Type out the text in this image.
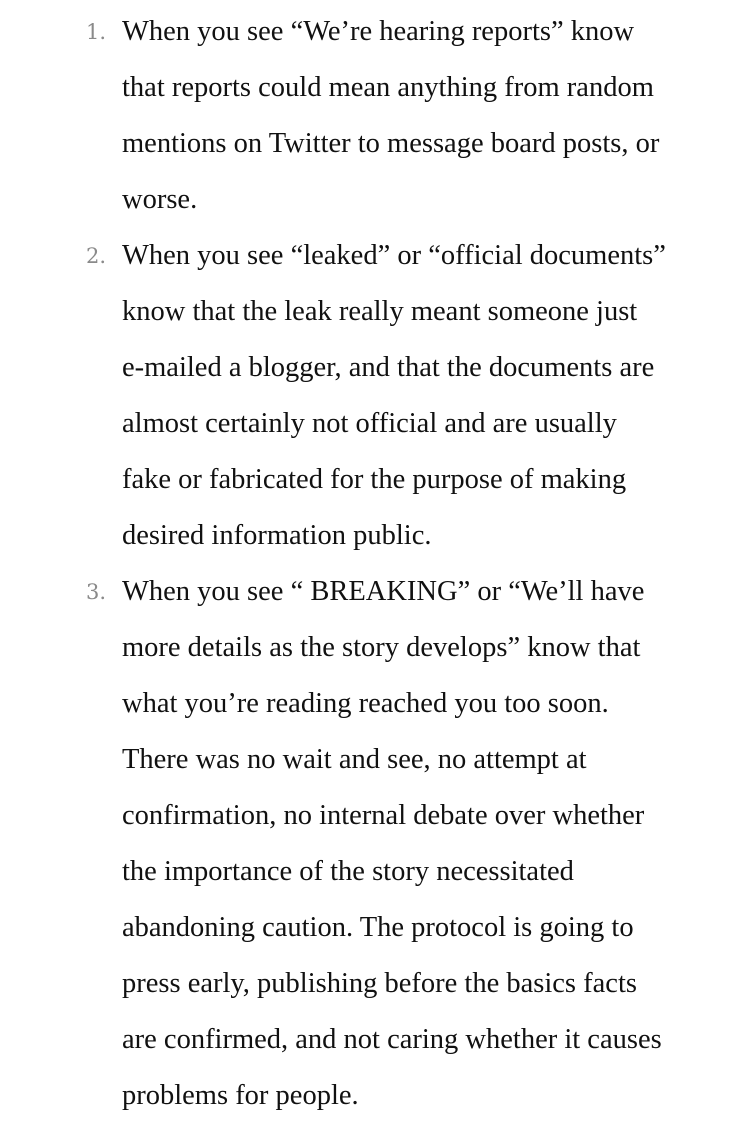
1. When you see “We’re hearing reports” know
that reports could mean anything from random
mentions on Twitter to message board posts, or
worse.
2. When you see “leaked” or “official documents”
know that the leak really meant someone just
e-mailed a blogger, and that the documents are
almost certainly not official and are usually
fake or fabricated for the purpose of making
desired information public.
3. When you see “ BREAKING” or “We’ll have
more details as the story develops” know that
what you’re reading reached you too soon.
There was no wait and see, no attempt at
confirmation, no internal debate over whether
the importance of the story necessitated
abandoning caution. The protocol is going to
press early, publishing before the basics facts
are confirmed, and not caring whether it causes
problems for people.
